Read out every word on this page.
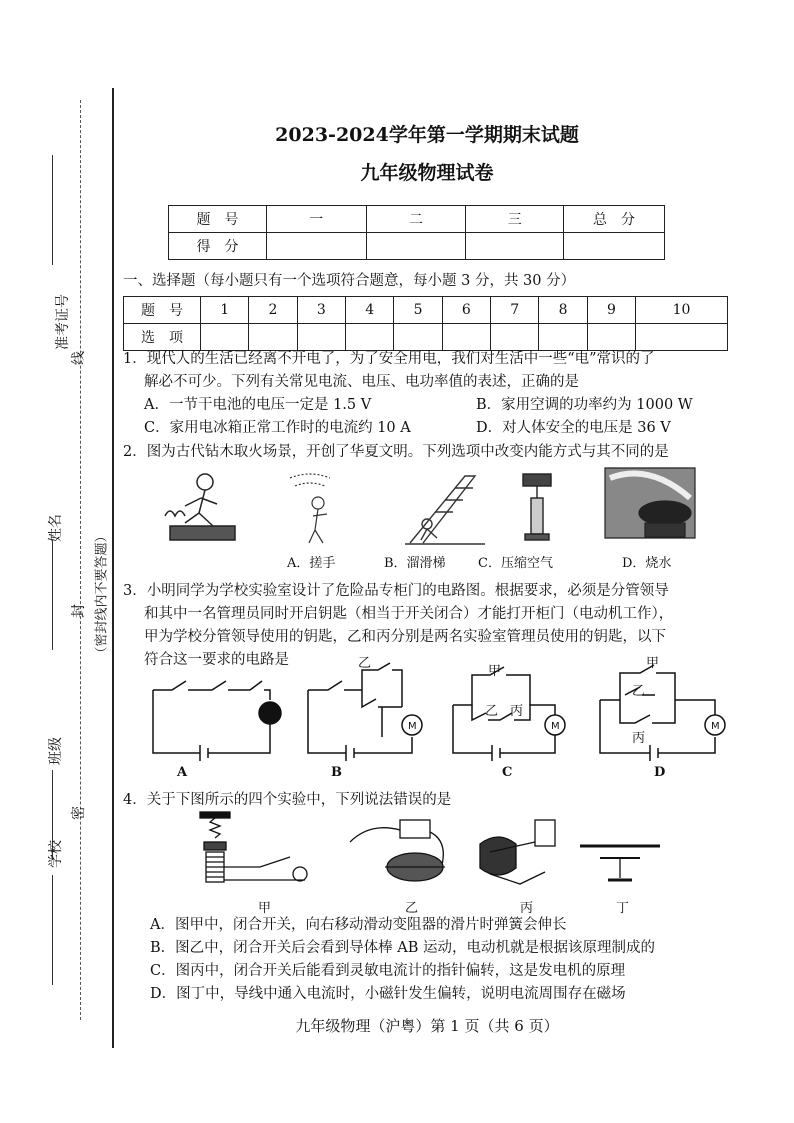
准考证号
线
姓名
（密封线内不要答题）
封
班级
密
学校
2023-2024学年第一学期期末试题
九年级物理试卷
题　号	一	二	三	总　分
得　分				
一、选择题（每小题只有一个选项符合题意，每小题 3 分，共 30 分）
题　号	1	2	3	4	5	6	7	8	9	10
选　项										
1．现代人的生活已经离不开电了，为了安全用电，我们对生活中一些“电”常识的了
解必不可少。下列有关常见电流、电压、电功率值的表述，正确的是
A．一节干电池的电压一定是 1.5 V	B．家用空调的功率约为 1000 W
C．家用电冰箱正常工作时的电流约 10 A	D．对人体安全的电压是 36 V
2．图为古代钻木取火场景，开创了华夏文明。下列选项中改变内能方式与其不同的是
A．搓手	B．溜滑梯 C．压缩空气	D．烧水
3．小明同学为学校实验室设计了危险品专柜门的电路图。根据要求，必须是分管领导
和其中一名管理员同时开启钥匙（相当于开关闭合）才能打开柜门（电动机工作），
甲为学校分管领导使用的钥匙，乙和丙分别是两名实验室管理员使用的钥匙，以下
符合这一要求的电路是
M	M	M
乙
甲
乙 丙
甲
乙
丙
A	B	C	D
4．关于下图所示的四个实验中，下列说法错误的是
甲	乙	丙	丁
A．图甲中，闭合开关，向右移动滑动变阻器的滑片时弹簧会伸长
B．图乙中，闭合开关后会看到导体棒 AB 运动，电动机就是根据该原理制成的
C．图丙中，闭合开关后能看到灵敏电流计的指针偏转，这是发电机的原理
D．图丁中，导线中通入电流时，小磁针发生偏转，说明电流周围存在磁场
九年级物理（沪粤）第 1 页（共 6 页）
